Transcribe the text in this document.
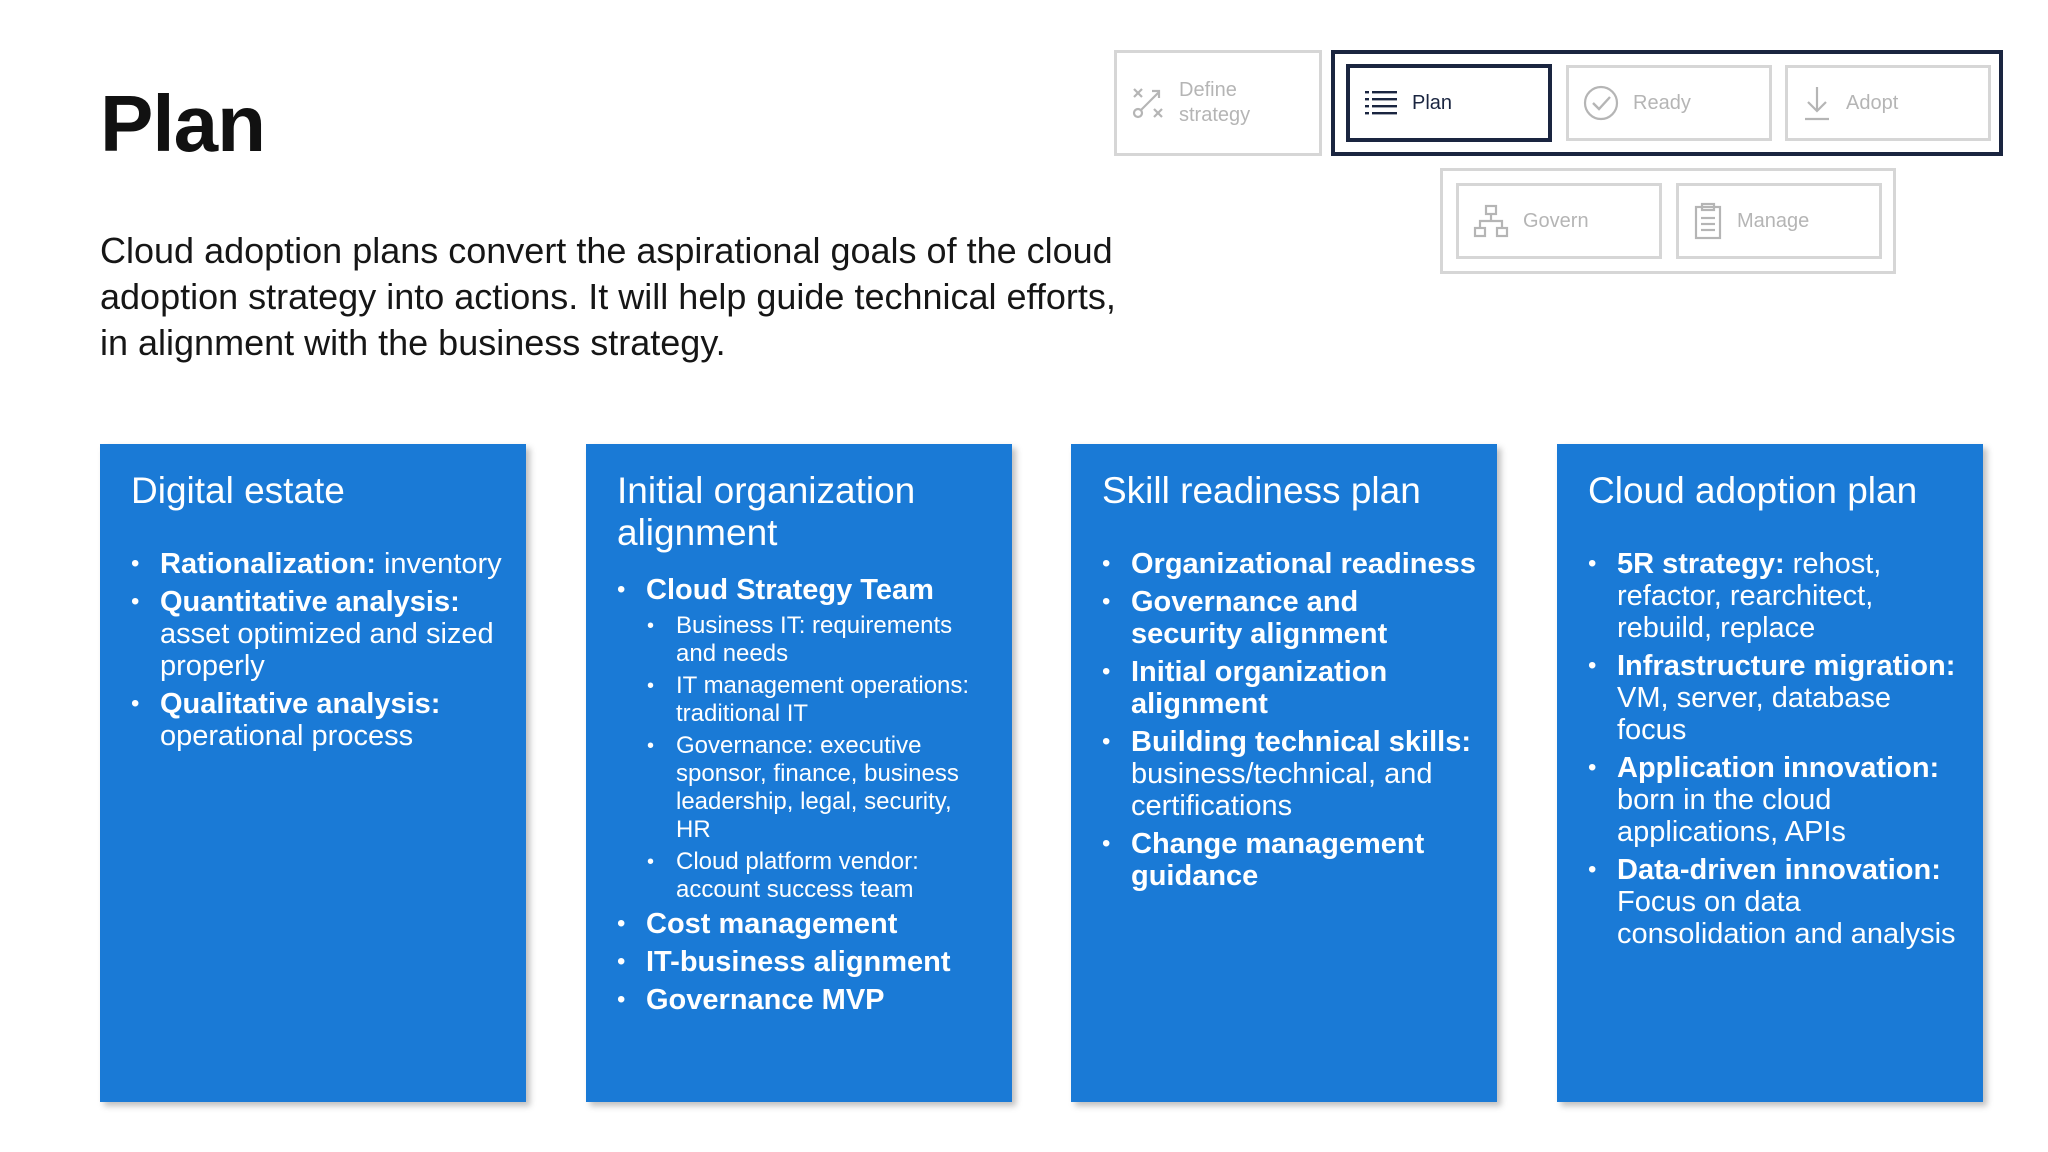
Plan

Cloud adoption plans convert the aspirational goals of the cloud adoption strategy into actions. It will help guide technical efforts, in alignment with the business strategy.

Define
strategy
Plan	Ready	Adopt
Govern	Manage
Digital estate
• Rationalization: inventory
• Quantitative analysis: asset optimized and sized properly
• Qualitative analysis: operational process
Initial organization alignment
• Cloud Strategy Team
• Business IT: requirements and needs
• IT management operations: traditional IT
• Governance: executive sponsor, finance, business leadership, legal, security, HR
• Cloud platform vendor: account success team
• Cost management
• IT-business alignment
• Governance MVP
Skill readiness plan
• Organizational readiness
• Governance and security alignment
• Initial organization alignment
• Building technical skills: business/technical, and certifications
• Change management guidance
Cloud adoption plan
• 5R strategy: rehost, refactor, rearchitect, rebuild, replace
• Infrastructure migration: VM, server, database focus
• Application innovation: born in the cloud applications, APIs
• Data-driven innovation: Focus on data consolidation and analysis
